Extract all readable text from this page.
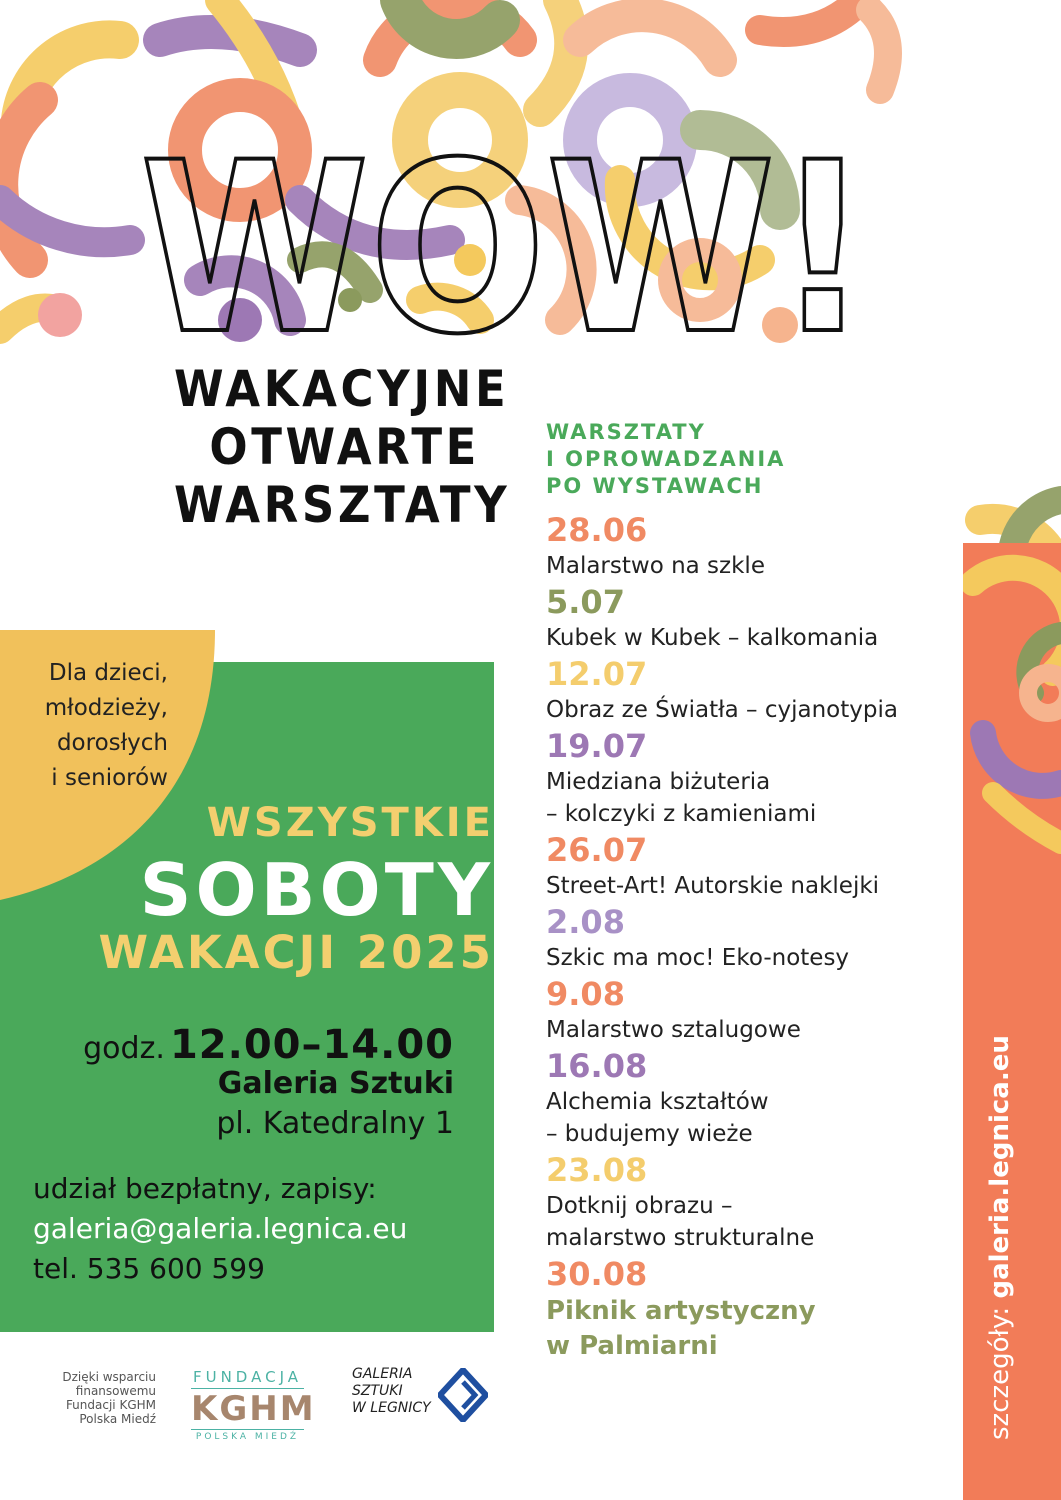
szczegóły: galeria.legnica.eu
WOW!
WAKACYJNE
OTWARTE
WARSZTATY
Dla dzieci,
młodzieży,
dorosłych
i seniorów
WSZYSTKIE
SOBOTY
WAKACJI 2025
godz. 12.00–14.00
Galeria Sztuki
pl. Katedralny 1
udział bezpłatny, zapisy:
galeria@galeria.legnica.eu
tel. 535 600 599
WARSZTATY
I OPROWADZANIA
PO WYSTAWACH
28.06
Malarstwo na szkle
5.07
Kubek w Kubek – kalkomania
12.07
Obraz ze Światła – cyjanotypia
19.07
Miedziana biżuteria
– kolczyki z kamieniami
26.07
Street-Art! Autorskie naklejki
2.08
Szkic ma moc! Eko-notesy
9.08
Malarstwo sztalugowe
16.08
Alchemia kształtów
– budujemy wieże
23.08
Dotknij obrazu –
malarstwo strukturalne
30.08
Piknik artystyczny
w Palmiarni
Dzięki wsparciu
finansowemu
Fundacji KGHM
Polska Miedź
FUNDACJA
KGHM
POLSKA MIEDŹ
GALERIA
SZTUKI
W LEGNICY
